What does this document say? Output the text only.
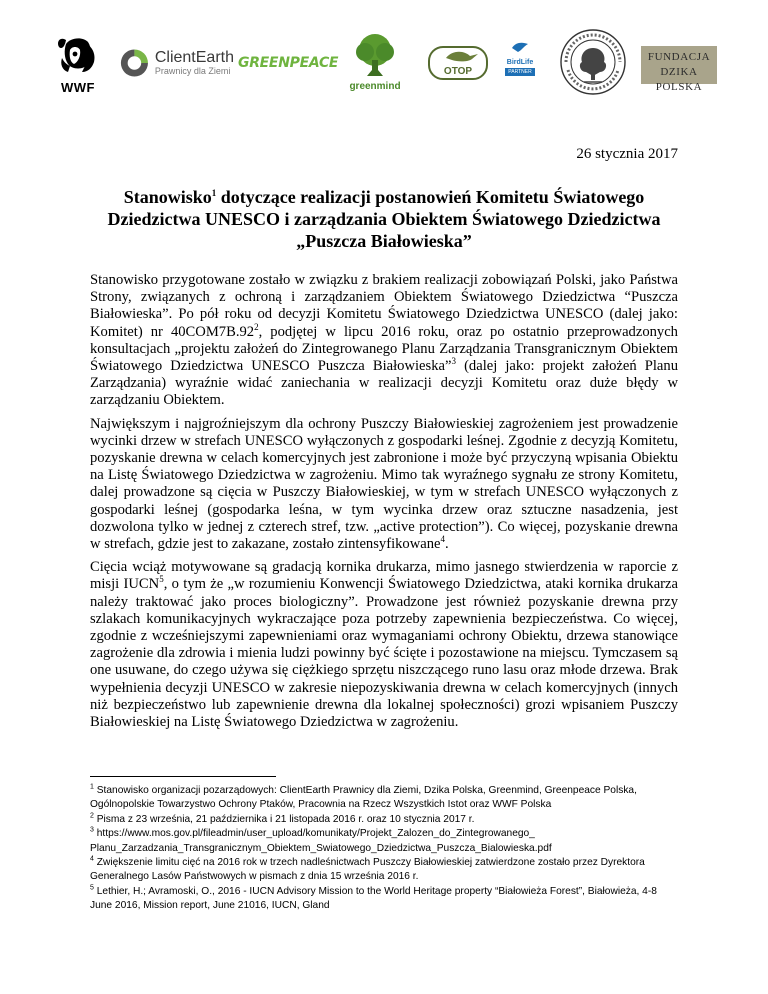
WWF
ClientEarth
Prawnicy dla Ziemi GREENPEACE
greenmind
OTOP
BirdLife
PARTNER
FUNDACJA
DZIKA POLSKA
26 stycznia 2017
Stanowisko$^1$ dotyczące realizacji postanowień Komitetu Światowego Dziedzictwa UNESCO i zarządzania Obiektem Światowego Dziedzictwa „Puszcza Białowieska”

Stanowisko przygotowane zostało w związku z brakiem realizacji zobowiązań Polski, jako Państwa Strony, związanych z ochroną i zarządzaniem Obiektem Światowego Dziedzictwa “Puszcza Białowieska”. Po pół roku od decyzji Komitetu Światowego Dziedzictwa UNESCO (dalej jako: Komitet) nr $40COM7B.92^2$, podjętej w lipcu 2016 roku, oraz po ostatnio przeprowadzonych konsultacjach „projektu założeń do Zintegrowanego Planu Zarządzania Transgranicznym Obiektem Światowego Dziedzictwa UNESCO Puszcza Białowieska”$^3$ (dalej jako: projekt założeń Planu Zarządzania) wyraźnie widać zaniechania w realizacji decyzji Komitetu oraz duże błędy w zarządzaniu Obiektem.

Największym i najgroźniejszym dla ochrony Puszczy Białowieskiej zagrożeniem jest prowadzenie wycinki drzew w strefach UNESCO wyłączonych z gospodarki leśnej. Zgodnie z decyzją Komitetu, pozyskanie drewna w celach komercyjnych jest zabronione i może być przyczyną wpisania Obiektu na Listę Światowego Dziedzictwa w zagrożeniu. Mimo tak wyraźnego sygnału ze strony Komitetu, dalej prowadzone są cięcia w Puszczy Białowieskiej, w tym w strefach UNESCO wyłączonych z gospodarki leśnej (gospodarka leśna, w tym wycinka drzew oraz sztuczne nasadzenia, jest dozwolona tylko w jednej z czterech stref, tzw. „active protection”). Co więcej, pozyskanie drewna w strefach, gdzie jest to zakazane, zostało zintensyfikowane$^4$.

Cięcia wciąż motywowane są gradacją kornika drukarza, mimo jasnego stwierdzenia w raporcie z misji IUCN$^5$, o tym że „w rozumieniu Konwencji Światowego Dziedzictwa, ataki kornika drukarza należy traktować jako proces biologiczny”. Prowadzone jest również pozyskanie drewna przy szlakach komunikacyjnych wykraczające poza potrzeby zapewnienia bezpieczeństwa. Co więcej, zgodnie z wcześniejszymi zapewnieniami oraz wymaganiami ochrony Obiektu, drzewa stanowiące zagrożenie dla zdrowia i mienia ludzi powinny być ścięte i pozostawione na miejscu. Tymczasem są one usuwane, do czego używa się ciężkiego sprzętu niszczącego runo lasu oraz młode drzewa. Brak wypełnienia decyzji UNESCO w zakresie niepozyskiwania drewna w celach komercyjnych (innych niż bezpieczeństwo lub zapewnienie drewna dla lokalnej społeczności) grozi wpisaniem Puszczy Białowieskiej na Listę Światowego Dziedzictwa w zagrożeniu.

$^1$ Stanowisko organizacji pozarządowych: ClientEarth Prawnicy dla Ziemi, Dzika Polska, Greenmind, Greenpeace Polska, Ogólnopolskie Towarzystwo Ochrony Ptaków, Pracownia na Rzecz Wszystkich Istot oraz WWF Polska

$^2$ Pisma z 23 września, 21 października i 21 listopada 2016 r. oraz 10 stycznia 2017 r.

$^3$ https://www.mos.gov.pl/fileadmin/user_upload/komunikaty/Projekt_Zalozen_do_Zintegrowanego_ Planu_Zarzadzania_Transgranicznym_Obiektem_Swiatowego_Dziedzictwa_Puszcza_Bialowieska.pdf

$^4$ Zwiększenie limitu cięć na 2016 rok w trzech nadleśnictwach Puszczy Białowieskiej zatwierdzone zostało przez Dyrektora Generalnego Lasów Państwowych w pismach z dnia 15 września 2016 r.

$^5$ Lethier, H.; Avramoski, O., 2016 - IUCN Advisory Mission to the World Heritage property “Białowieża Forest”, Białowieża, 4-8 June 2016, Mission report, June 21016, IUCN, Gland
